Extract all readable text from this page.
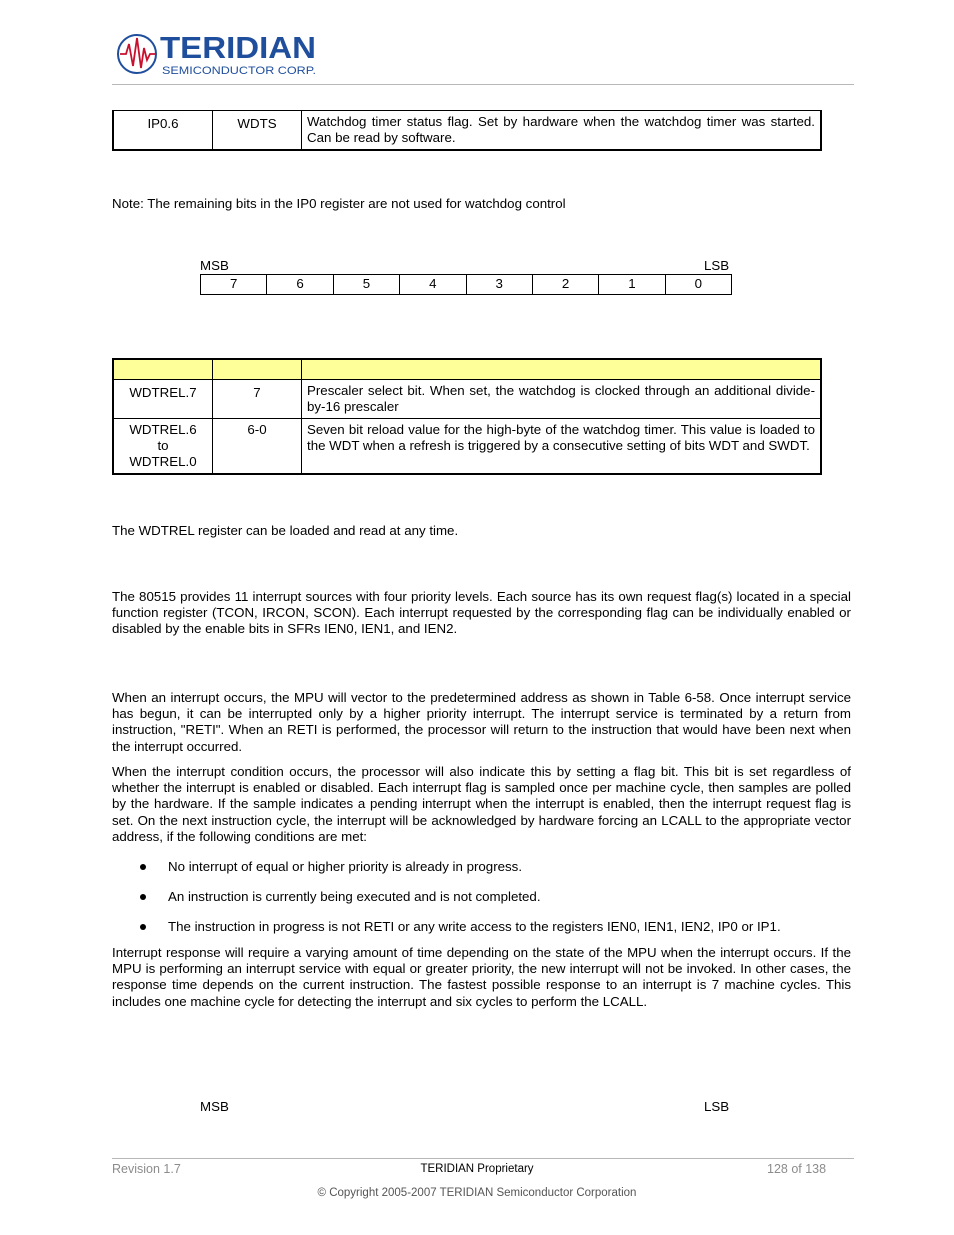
TERIDIAN
SEMICONDUCTOR CORP.
IP0.6	WDTS	Watchdog timer status flag. Set by hardware when the watchdog timer was started. Can be read by software.

Note: The remaining bits in the IP0 register are not used for watchdog control

MSB	LSB
7	6	5	4	3	2	1	0

WDTREL.7	7	Prescaler select bit. When set, the watchdog is clocked through an additional divide-by-16 prescaler

WDTREL.6
to
WDTREL.0	6-0	Seven bit reload value for the high-byte of the watchdog timer. This value is loaded to the WDT when a refresh is triggered by a consecutive setting of bits WDT and SWDT.

The WDTREL register can be loaded and read at any time.

The 80515 provides 11 interrupt sources with four priority levels. Each source has its own request flag(s) located in a special function register (TCON, IRCON, SCON). Each interrupt requested by the corresponding flag can be individually enabled or disabled by the enable bits in SFRs IEN0, IEN1, and IEN2.

When an interrupt occurs, the MPU will vector to the predetermined address as shown in Table 6-58. Once interrupt service has begun, it can be interrupted only by a higher priority interrupt. The interrupt service is terminated by a return from instruction, "RETI". When an RETI is performed, the processor will return to the instruction that would have been next when the interrupt occurred.

When the interrupt condition occurs, the processor will also indicate this by setting a flag bit. This bit is set regardless of whether the interrupt is enabled or disabled. Each interrupt flag is sampled once per machine cycle, then samples are polled by the hardware. If the sample indicates a pending interrupt when the interrupt is enabled, then the interrupt request flag is set. On the next instruction cycle, the interrupt will be acknowledged by hardware forcing an LCALL to the appropriate vector address, if the following conditions are met:

No interrupt of equal or higher priority is already in progress.
An instruction is currently being executed and is not completed.
The instruction in progress is not RETI or any write access to the registers IEN0, IEN1, IEN2, IP0 or IP1.

Interrupt response will require a varying amount of time depending on the state of the MPU when the interrupt occurs. If the MPU is performing an interrupt service with equal or greater priority, the new interrupt will not be invoked. In other cases, the response time depends on the current instruction. The fastest possible response to an interrupt is 7 machine cycles. This includes one machine cycle for detecting the interrupt and six cycles to perform the LCALL.

MSB	LSB
Revision 1.7	TERIDIAN Proprietary	128 of 138
© Copyright 2005-2007 TERIDIAN Semiconductor Corporation
